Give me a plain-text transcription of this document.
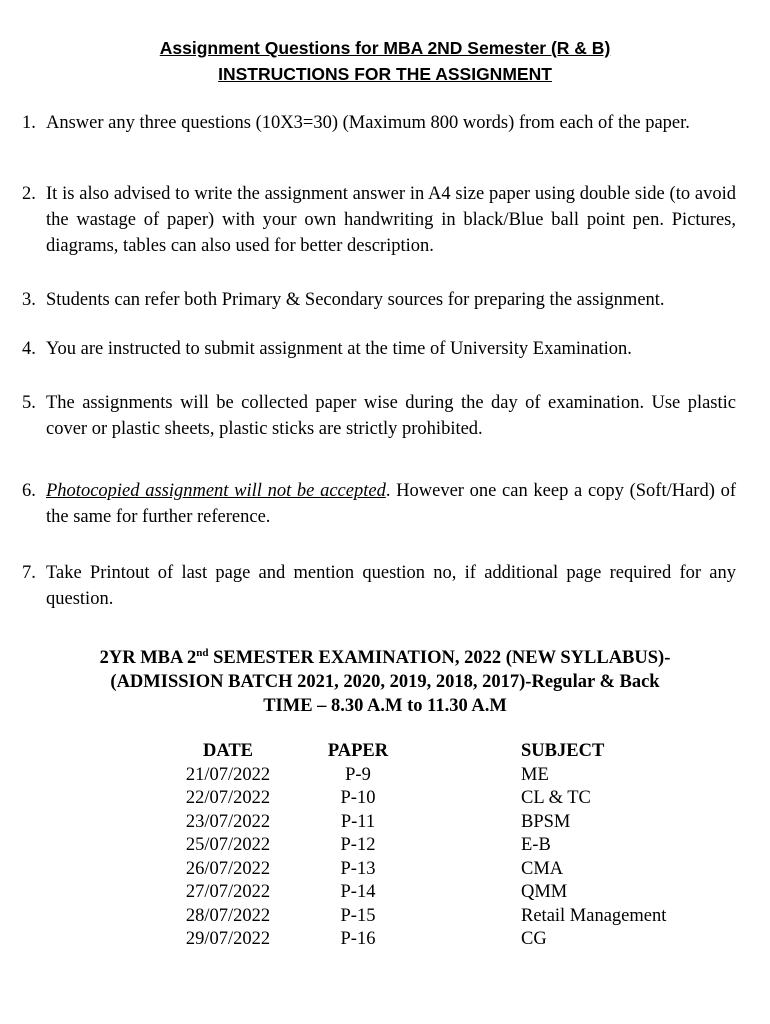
Assignment Questions for MBA 2ND Semester (R & B)
INSTRUCTIONS FOR THE ASSIGNMENT
1. Answer any three questions (10X3=30) (Maximum 800 words) from each of the paper.
2. It is also advised to write the assignment answer in A4 size paper using double side (to avoid the wastage of paper) with your own handwriting in black/Blue ball point pen. Pictures, diagrams, tables can also used for better description.
3. Students can refer both Primary & Secondary sources for preparing the assignment.
4. You are instructed to submit assignment at the time of University Examination.
5. The assignments will be collected paper wise during the day of examination. Use plastic cover or plastic sheets, plastic sticks are strictly prohibited.
6. Photocopied assignment will not be accepted. However one can keep a copy (Soft/Hard) of the same for further reference.
7. Take Printout of last page and mention question no, if additional page required for any question.
2YR MBA 2nd SEMESTER EXAMINATION, 2022 (NEW SYLLABUS)-
(ADMISSION BATCH 2021, 2020, 2019, 2018, 2017)-Regular & Back
TIME – 8.30 A.M to 11.30 A.M
DATE	PAPER	SUBJECT
21/07/2022	P-9	ME
22/07/2022	P-10	CL & TC
23/07/2022	P-11	BPSM
25/07/2022	P-12	E-B
26/07/2022	P-13	CMA
27/07/2022	P-14	QMM
28/07/2022	P-15	Retail Management
29/07/2022	P-16	CG
